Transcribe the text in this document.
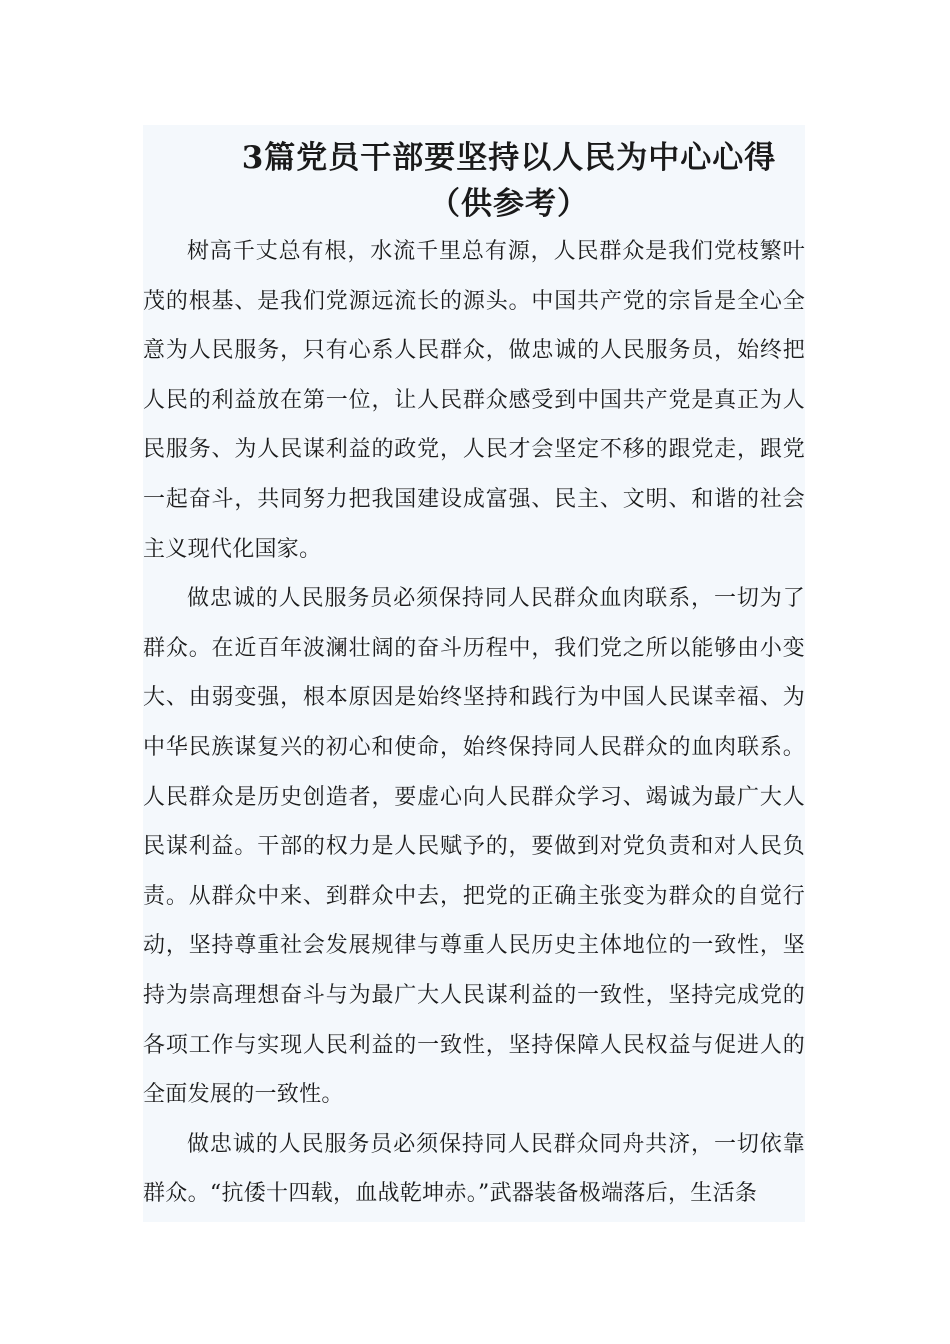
3篇党员干部要坚持以人民为中心心得（供参考）

树高千丈总有根，水流千里总有源，人民群众是我们党枝繁叶茂的根基、是我们党源远流长的源头。中国共产党的宗旨是全心全意为人民服务，只有心系人民群众，做忠诚的人民服务员，始终把人民的利益放在第一位，让人民群众感受到中国共产党是真正为人民服务、为人民谋利益的政党，人民才会坚定不移的跟党走，跟党一起奋斗，共同努力把我国建设成富强、民主、文明、和谐的社会主义现代化国家。

做忠诚的人民服务员必须保持同人民群众血肉联系，一切为了群众。在近百年波澜壮阔的奋斗历程中，我们党之所以能够由小变大、由弱变强，根本原因是始终坚持和践行为中国人民谋幸福、为中华民族谋复兴的初心和使命，始终保持同人民群众的血肉联系。人民群众是历史创造者，要虚心向人民群众学习、竭诚为最广大人民谋利益。干部的权力是人民赋予的，要做到对党负责和对人民负责。从群众中来、到群众中去，把党的正确主张变为群众的自觉行动，坚持尊重社会发展规律与尊重人民历史主体地位的一致性，坚持为崇高理想奋斗与为最广大人民谋利益的一致性，坚持完成党的各项工作与实现人民利益的一致性，坚持保障人民权益与促进人的全面发展的一致性。

做忠诚的人民服务员必须保持同人民群众同舟共济，一切依靠群众。“抗倭十四载，血战乾坤赤。”武器装备极端落后，生活条
